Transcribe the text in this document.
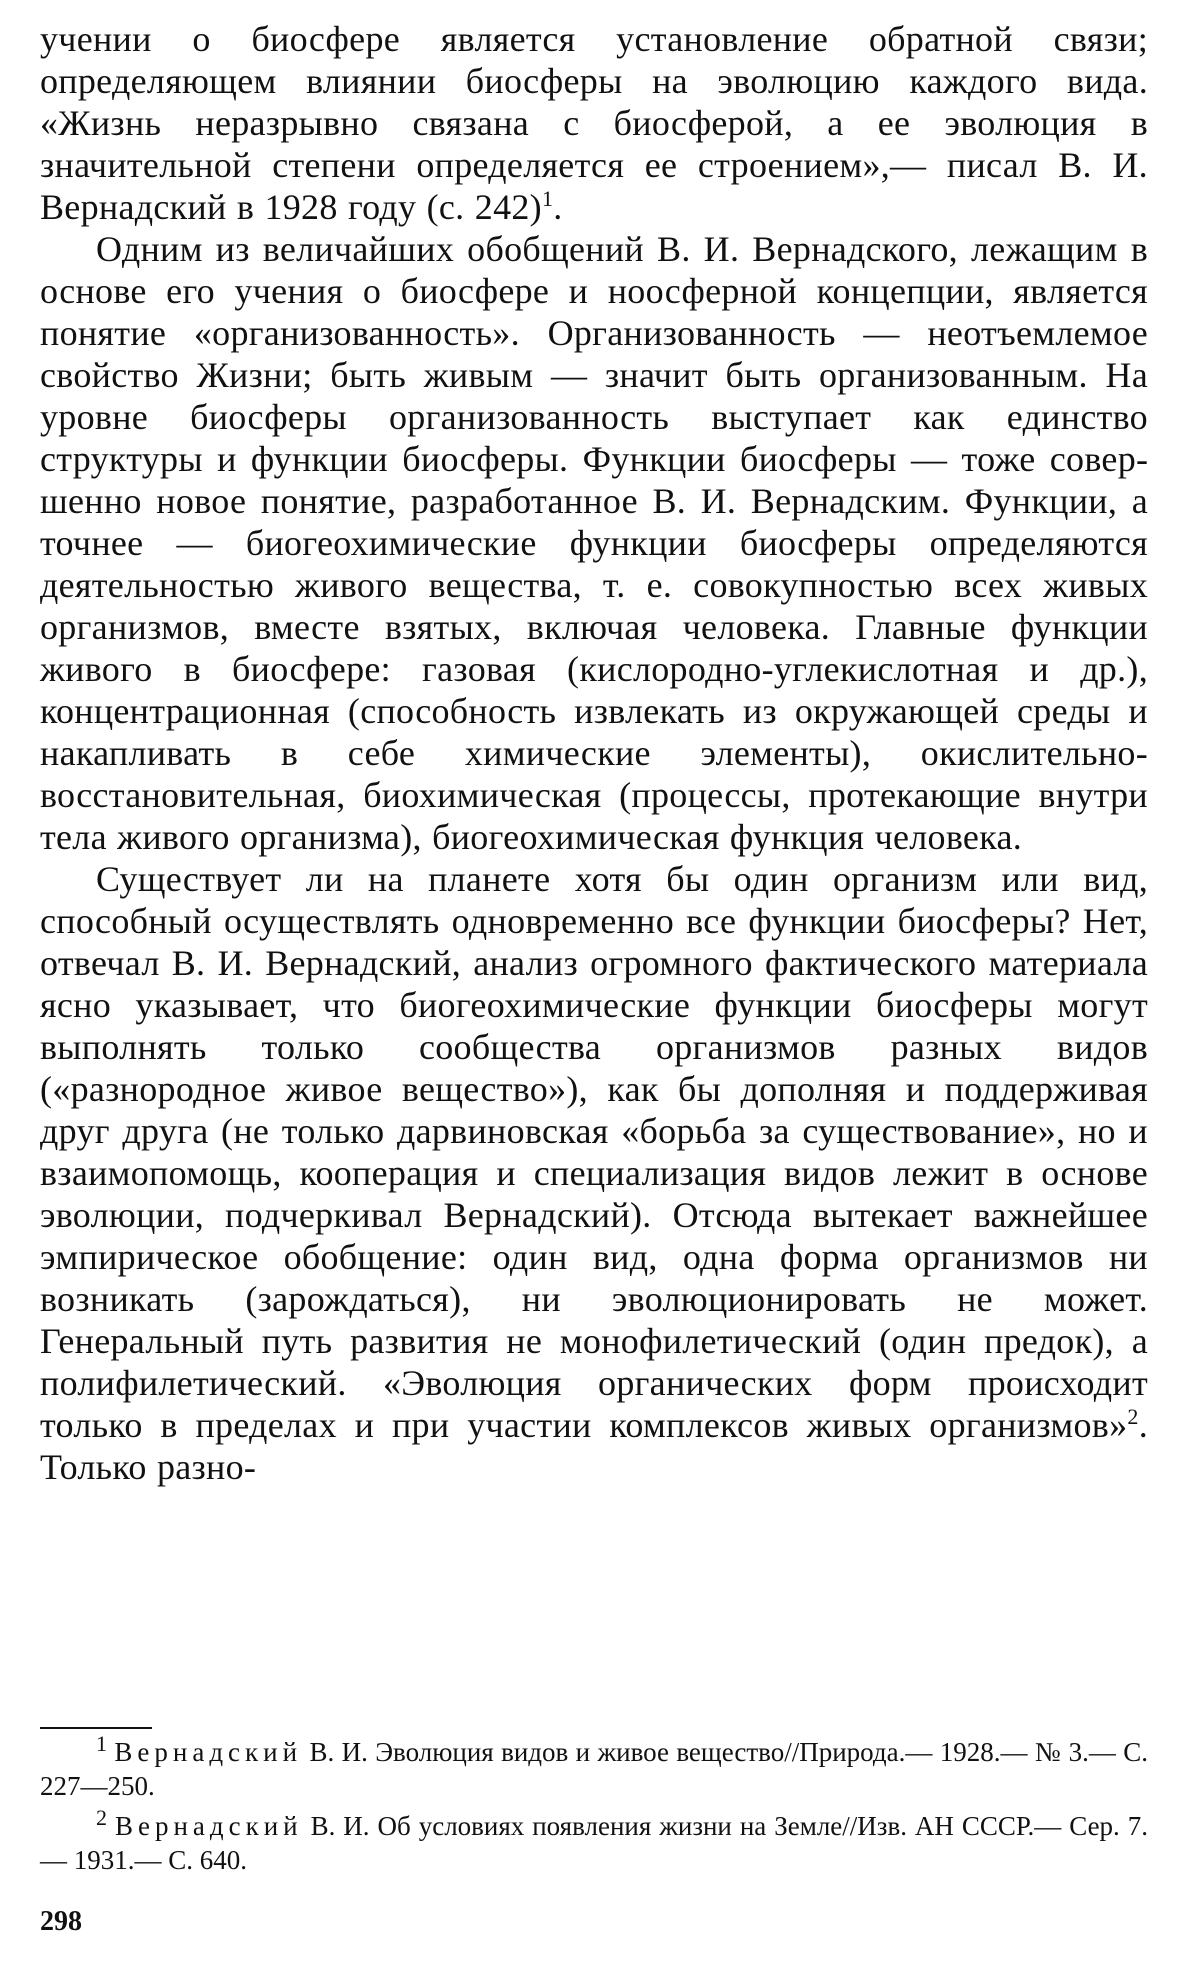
учении о биосфере является установление обратной связи; определяющем влиянии биосферы на эволюцию каждого вида. «Жизнь неразрывно связана с биосферой, а ее эволюция в значительной степени определяется ее строением»,— писал В. И. Вернадский в 1928 году (с. 242)$^1$.

Одним из величайших обобщений В. И. Вернадского, лежащим в основе его учения о биосфере и ноосферной концепции, является понятие «организованность». Организованность — неотъемлемое свойство Жизни; быть живым — значит быть организованным. На уровне биосферы организованность выступает как единство структуры и функции биосферы. Функции биосферы — тоже совершенно новое понятие, разработанное В. И. Вернадским. Функции, а точнее — биогеохимические функции биосферы определяются деятельностью живого вещества, т. е. совокупностью всех живых организмов, вместе взятых, включая человека. Главные функции живого в биосфере: газовая (кислородно-углекислотная и др.), концентрационная (способность извлекать из окружающей среды и накапливать в себе химические элементы), окислительно-восстановительная, биохимическая (процессы, протекающие внутри тела живого организма), биогеохимическая функция человека.

Существует ли на планете хотя бы один организм или вид, способный осуществлять одновременно все функции биосферы? Нет, отвечал В. И. Вернадский, анализ огромного фактического материала ясно указывает, что биогеохимические функции биосферы могут выполнять только сообщества организмов разных видов («разнородное живое вещество»), как бы дополняя и поддерживая друг друга (не только дарвиновская «борьба за существование», но и взаимопомощь, кооперация и специализация видов лежит в основе эволюции, подчеркивал Вернадский). Отсюда вытекает важнейшее эмпирическое обобщение: один вид, одна форма организмов ни возникать (зарождаться), ни эволюционировать не может. Генеральный путь развития не монофилетический (один предок), а полифилетический. «Эволюция органических форм происходит только в пределах и при участии комплексов живых организмов»$^2$. Только разно-

$^1$ Вернадский В. И. Эволюция видов и живое вещество//Природа.— 1928.— № 3.— С. 227—250.

$^2$ Вернадский В. И. Об условиях появления жизни на Земле//Изв. АН СССР.— Сер. 7.— 1931.— С. 640.

298
